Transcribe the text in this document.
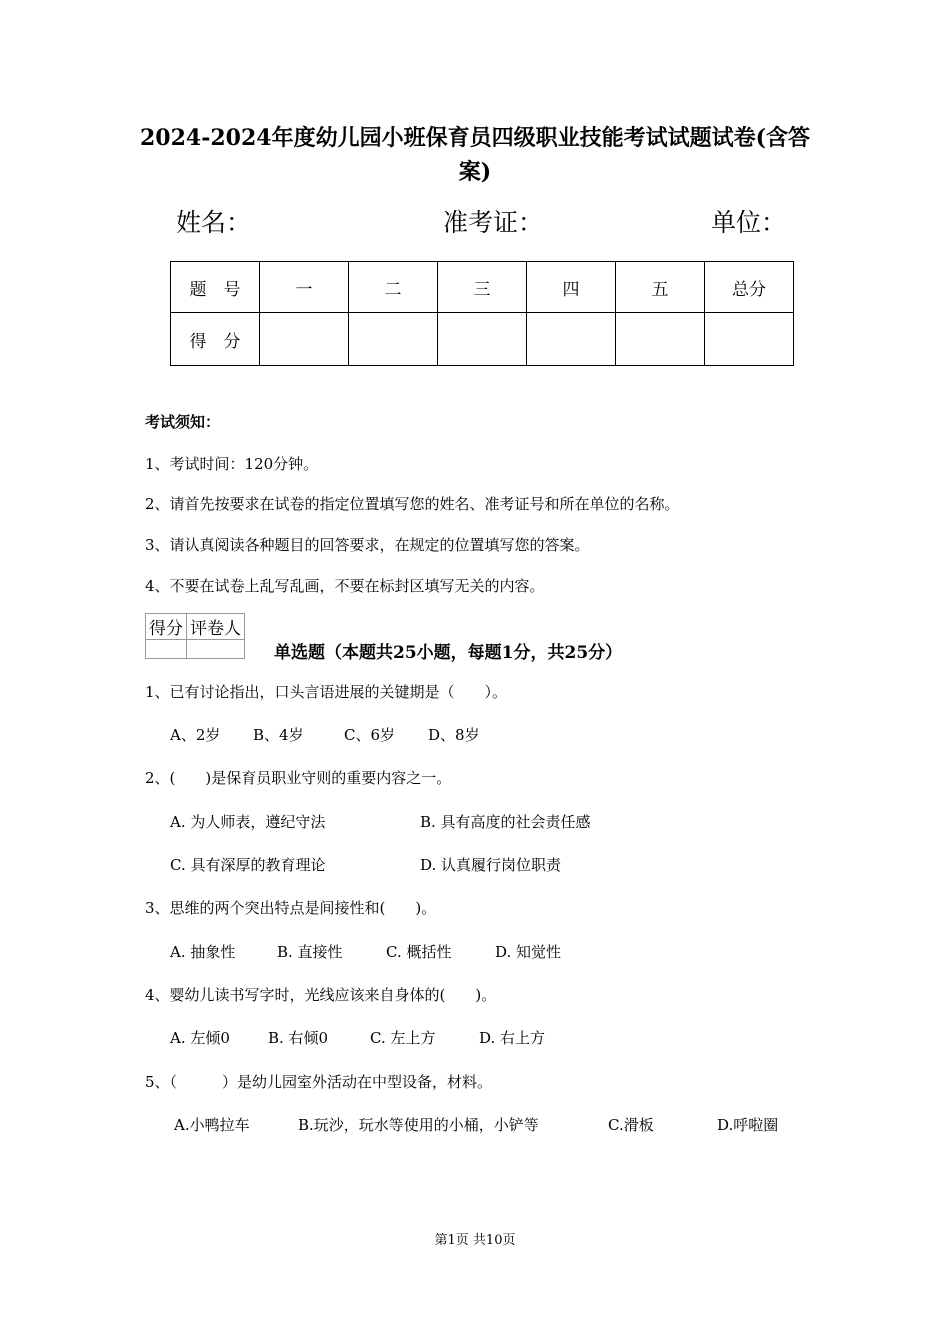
2024-2024年度幼儿园小班保育员四级职业技能考试试题试卷(含答
案)
姓名：	准考证：	单位：
题　号	一	二	三	四	五	总分
得　分						
考试须知：
1、考试时间：120分钟。
2、请首先按要求在试卷的指定位置填写您的姓名、准考证号和所在单位的名称。
3、请认真阅读各种题目的回答要求，在规定的位置填写您的答案。
4、不要在试卷上乱写乱画，不要在标封区填写无关的内容。
得分	评卷人

单选题（本题共25小题，每题1分，共25分）
1、已有讨论指出，口头言语进展的关键期是（　　）。
A、2岁 B、4岁	C、6岁 D、8岁
2、(　　)是保育员职业守则的重要内容之一。
A. 为人师表，遵纪守法	B. 具有高度的社会责任感
C. 具有深厚的教育理论	D. 认真履行岗位职责
3、思维的两个突出特点是间接性和(　　)。
A. 抽象性	B. 直接性	C. 概括性	D. 知觉性
4、婴幼儿读书写字时，光线应该来自身体的(　　)。
A. 左倾0	B. 右倾0	C. 左上方	D. 右上方
5、（　　　）是幼儿园室外活动在中型设备，材料。
A.小鸭拉车	B.玩沙，玩水等使用的小桶，小铲等	C.滑板	D.呼啦圈
第1页 共10页
